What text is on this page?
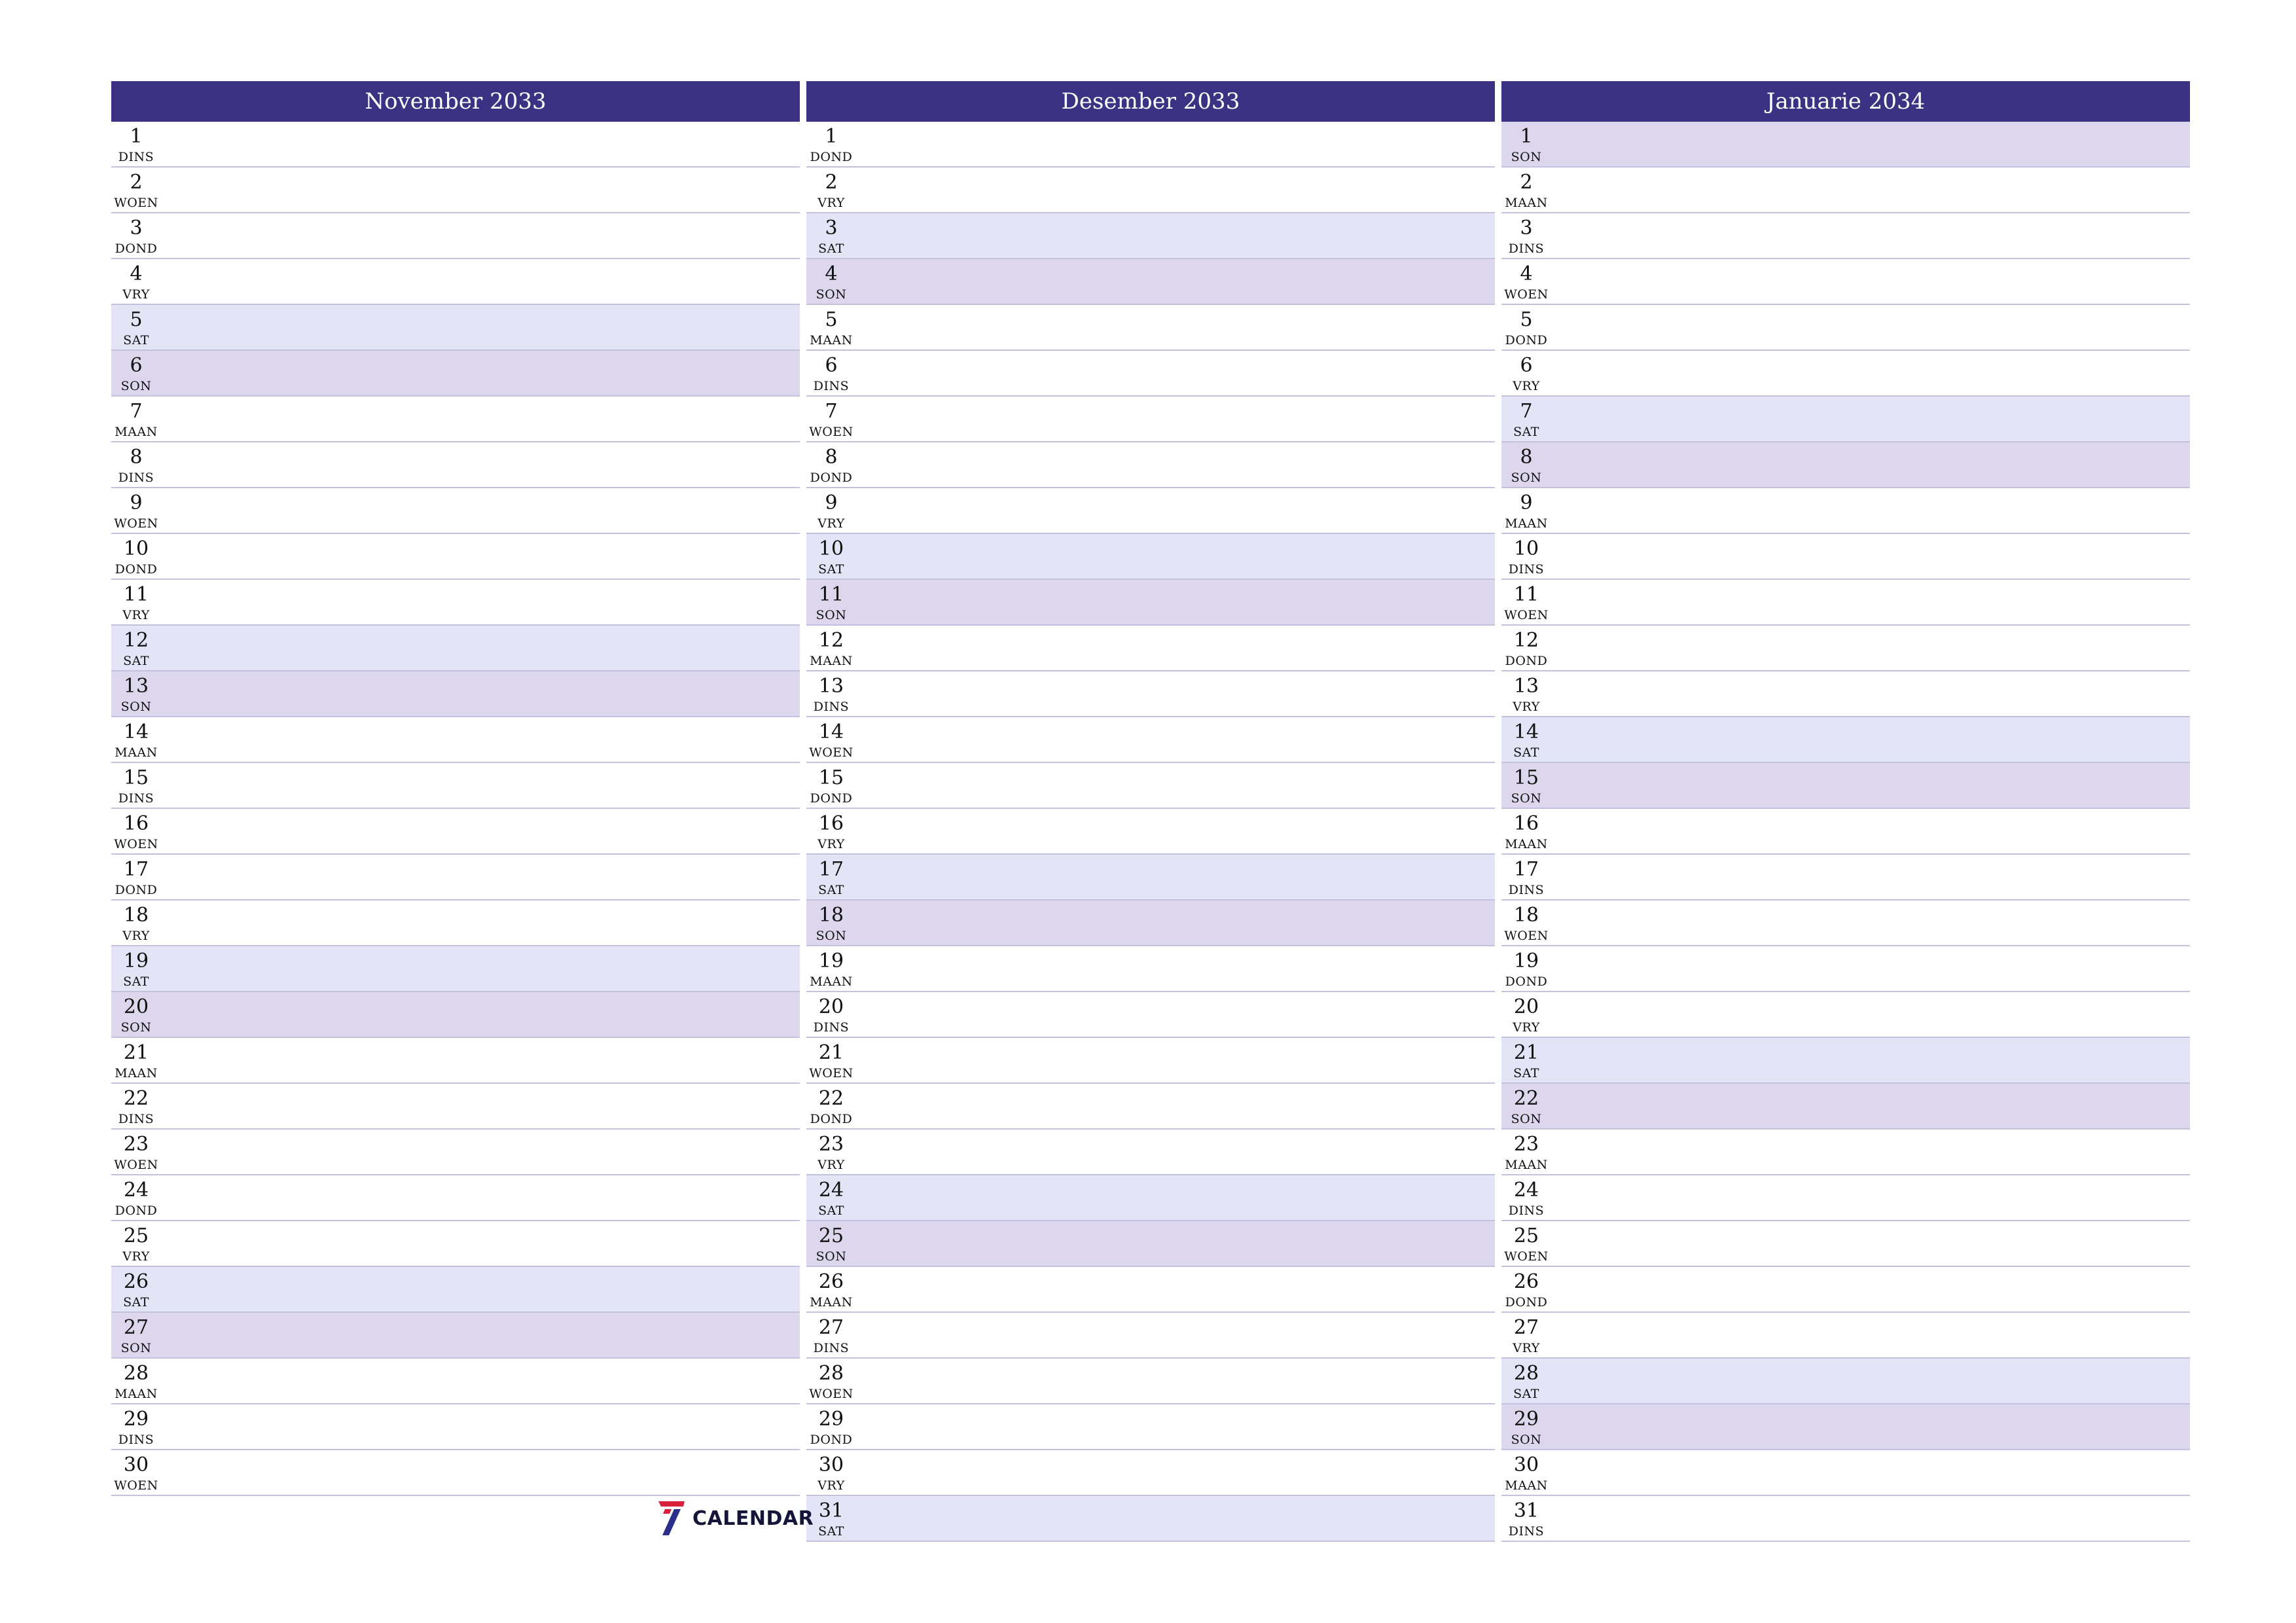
November 2033
1
DINS
2
WOEN
3
DOND
4
VRY
5
SAT
6
SON
7
MAAN
8
DINS
9
WOEN
10
DOND
11
VRY
12
SAT
13
SON
14
MAAN
15
DINS
16
WOEN
17
DOND
18
VRY
19
SAT
20
SON
21
MAAN
22
DINS
23
WOEN
24
DOND
25
VRY
26
SAT
27
SON
28
MAAN
29
DINS
30
WOEN
Desember 2033
1
DOND
2
VRY
3
SAT
4
SON
5
MAAN
6
DINS
7
WOEN
8
DOND
9
VRY
10
SAT
11
SON
12
MAAN
13
DINS
14
WOEN
15
DOND
16
VRY
17
SAT
18
SON
19
MAAN
20
DINS
21
WOEN
22
DOND
23
VRY
24
SAT
25
SON
26
MAAN
27
DINS
28
WOEN
29
DOND
30
VRY
31
SAT
Januarie 2034
1
SON
2
MAAN
3
DINS
4
WOEN
5
DOND
6
VRY
7
SAT
8
SON
9
MAAN
10
DINS
11
WOEN
12
DOND
13
VRY
14
SAT
15
SON
16
MAAN
17
DINS
18
WOEN
19
DOND
20
VRY
21
SAT
22
SON
23
MAAN
24
DINS
25
WOEN
26
DOND
27
VRY
28
SAT
29
SON
30
MAAN
31
DINS
CALENDAR
